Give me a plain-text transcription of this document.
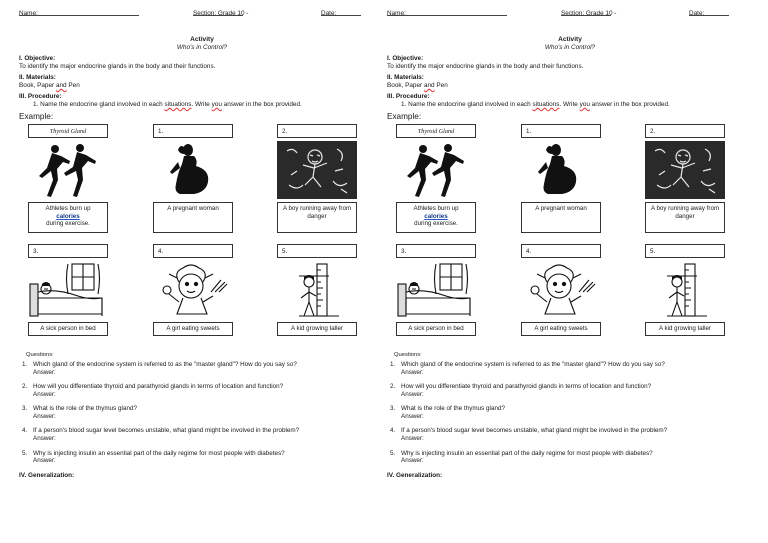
Name:	Section: Grade 10 -	Date:
Activity
Who's in Control?
I. Objective:
To identify the major endocrine glands in the body and their functions.
II. Materials:
Book, Paper and Pen
III. Procedure:
1. Name the endocrine gland involved in each situations. Write you answer in the box provided.
Example:
Thyroid Gland
Athletes burn up
calories
during exercise.
1.
A pregnant woman
2.
A boy running away from danger
3.
A sick person in bed
4.
A girl eating sweets
5.
A kid growing taller
Questions:
1. Which gland of the endocrine system is referred to as the "master gland"? How do you say so?
Answer:
2. How will you differentiate thyroid and parathyroid glands in terms of location and function?
Answer:
3. What is the role of the thymus gland?
Answer:
4. If a person's blood sugar level becomes unstable, what gland might be involved in the problem?
Answer:
5. Why is injecting insulin an essential part of the daily regime for most people with diabetes?
Answer:
IV. Generalization:
Name:	Section: Grade 10 -	Date:
Activity
Who's in Control?
I. Objective:
To identify the major endocrine glands in the body and their functions.
II. Materials:
Book, Paper and Pen
III. Procedure:
1. Name the endocrine gland involved in each situations. Write you answer in the box provided.
Example:
Thyroid Gland
Athletes burn up
calories
during exercise.
1.
A pregnant woman
2.
A boy running away from danger
3.
A sick person in bed
4.
A girl eating sweets
5.
A kid growing taller
Questions:
1. Which gland of the endocrine system is referred to as the "master gland"? How do you say so?
Answer:
2. How will you differentiate thyroid and parathyroid glands in terms of location and function?
Answer:
3. What is the role of the thymus gland?
Answer:
4. If a person's blood sugar level becomes unstable, what gland might be involved in the problem?
Answer:
5. Why is injecting insulin an essential part of the daily regime for most people with diabetes?
Answer:
IV. Generalization:
